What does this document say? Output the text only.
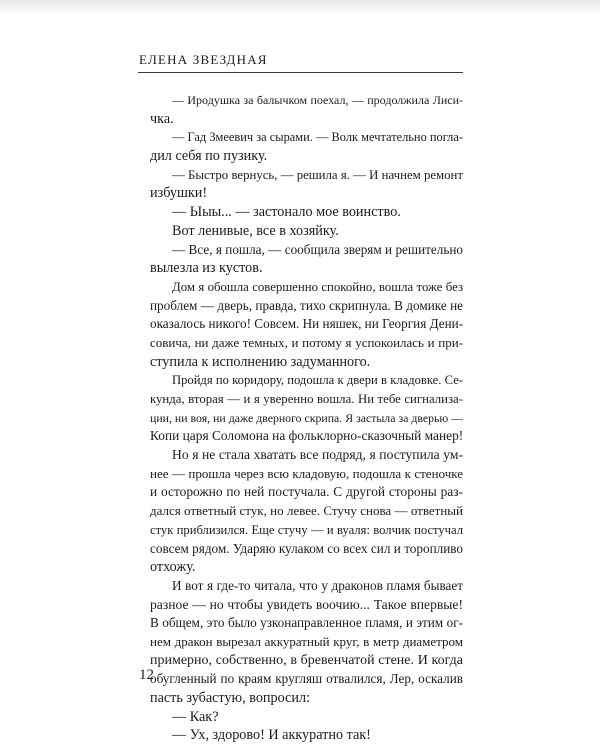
ЕЛЕНА ЗВЕЗДНАЯ
— Иродушка за балычком поехал, — продолжила Лиси-
чка.
— Гад Змеевич за сырами. — Волк мечтательно погла-
дил себя по пузику.
— Быстро вернусь, — решила я. — И начнем ремонт
избушки!
— Ыыы... — застонало мое воинство.
Вот ленивые, все в хозяйку.
— Все, я пошла, — сообщила зверям и решительно
вылезла из кустов.
Дом я обошла совершенно спокойно, вошла тоже без
проблем — дверь, правда, тихо скрипнула. В домике не
оказалось никого! Совсем. Ни няшек, ни Георгия Дени-
совича, ни даже темных, и потому я успокоилась и при-
ступила к исполнению задуманного.
Пройдя по коридору, подошла к двери в кладовке. Се-
кунда, вторая — и я уверенно вошла. Ни тебе сигнализа-
ции, ни воя, ни даже дверного скрипа. Я застыла за дверью —
Копи царя Соломона на фольклорно-сказочный манер!
Но я не стала хватать все подряд, я поступила ум-
нее — прошла через всю кладовую, подошла к стеночке
и осторожно по ней постучала. С другой стороны раз-
дался ответный стук, но левее. Стучу снова — ответный
стук приблизился. Еще стучу — и вуаля: волчик постучал
совсем рядом. Ударяю кулаком со всех сил и торопливо
отхожу.
И вот я где-то читала, что у драконов пламя бывает
разное — но чтобы увидеть воочию... Такое впервые!
В общем, это было узконаправленное пламя, и этим ог-
нем дракон вырезал аккуратный круг, в метр диаметром
примерно, собственно, в бревенчатой стене. И когда
обугленный по краям кругляш отвалился, Лер, оскалив
пасть зубастую, вопросил:
— Как?
— Ух, здорово! И аккуратно так!
12
